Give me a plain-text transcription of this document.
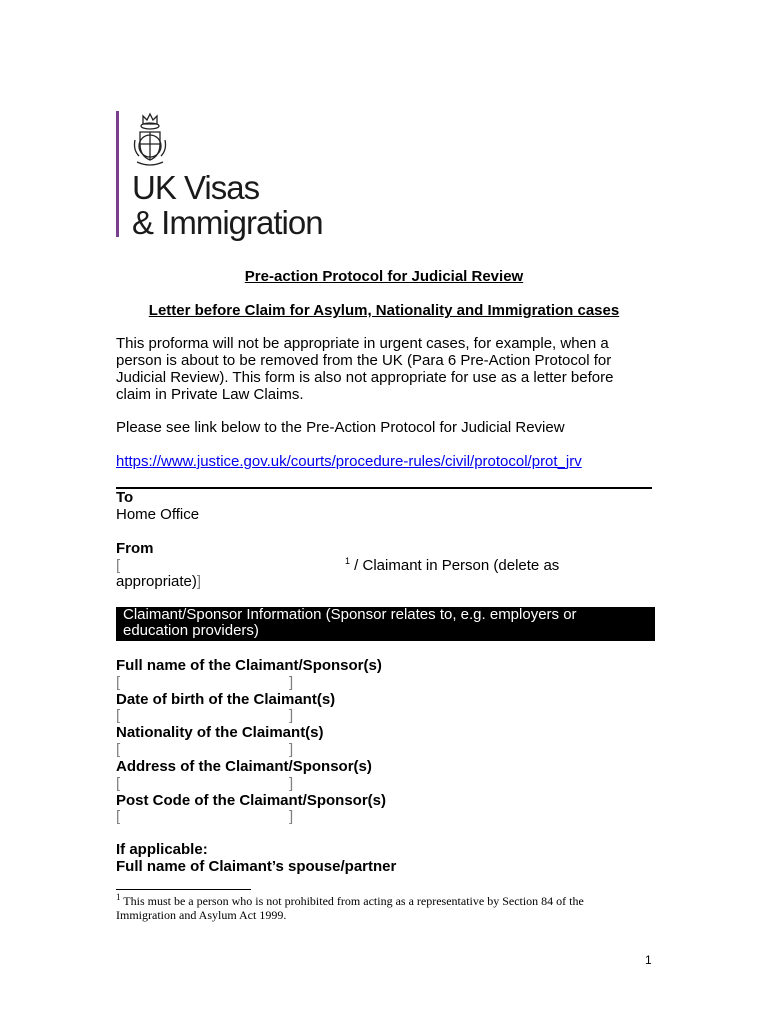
UK Visas
& Immigration
Pre-action Protocol for Judicial Review
Letter before Claim for Asylum, Nationality and Immigration cases
This proforma will not be appropriate in urgent cases, for example, when a
person is about to be removed from the UK (Para 6 Pre-Action Protocol for
Judicial Review). This form is also not appropriate for use as a letter before
claim in Private Law Claims.
Please see link below to the Pre-Action Protocol for Judicial Review
https://www.justice.gov.uk/courts/procedure-rules/civil/protocol/prot_jrv
To
Home Office
From
[	$^1$ / Claimant in Person (delete as
appropriate)]
Claimant/Sponsor Information (Sponsor relates to, e.g. employers or
education providers)
Full name of the Claimant/Sponsor(s)
[	]
Date of birth of the Claimant(s)
[	]
Nationality of the Claimant(s)
[	]
Address of the Claimant/Sponsor(s)
[	]
Post Code of the Claimant/Sponsor(s)
[	]
If applicable:
Full name of Claimant’s spouse/partner
$^1$ This must be a person who is not prohibited from acting as a representative by Section 84 of the
Immigration and Asylum Act 1999.
1
